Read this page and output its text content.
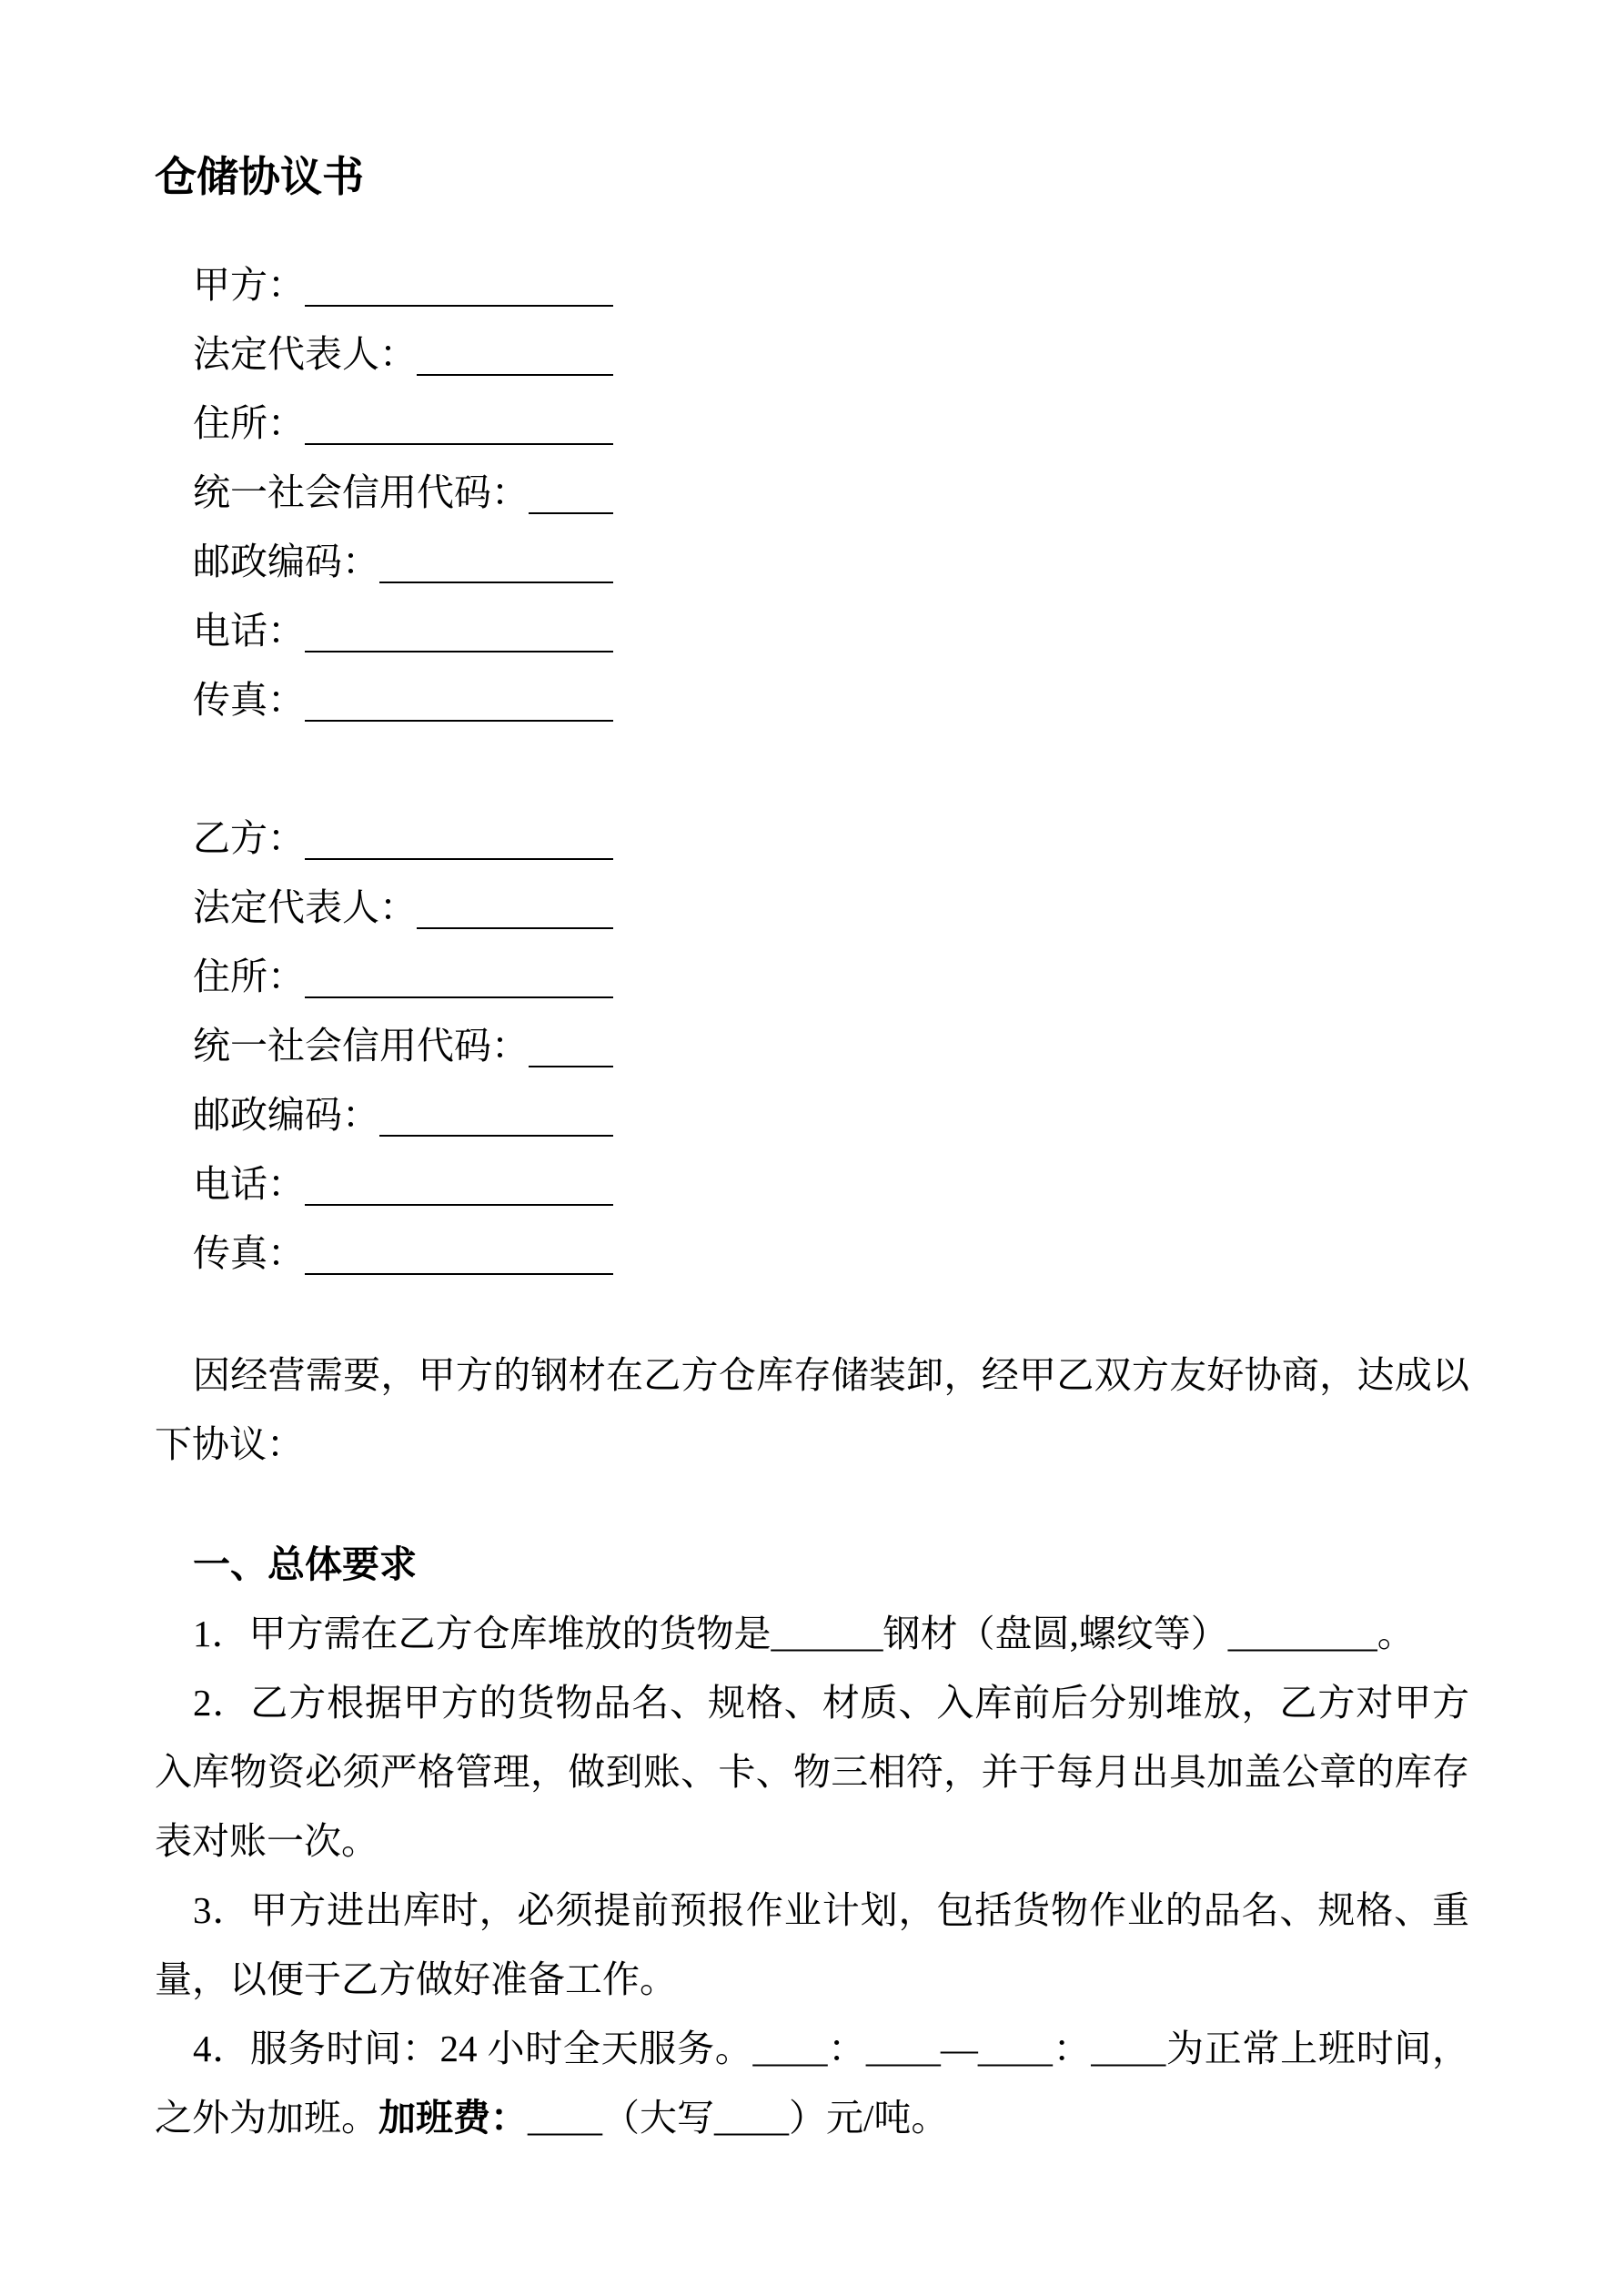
仓储协议书
甲方：
法定代表人：
住所：
统一社会信用代码：
邮政编码：
电话：
传真：
乙方：
法定代表人：
住所：
统一社会信用代码：
邮政编码：
电话：
传真：

因经营需要，甲方的钢材在乙方仓库存储装卸，经甲乙双方友好协商，达成以下协议：

一、总体要求

1．甲方需在乙方仓库堆放的货物是______钢材（盘圆,螺纹等）________。

2．乙方根据甲方的货物品名、规格、材质、入库前后分别堆放，乙方对甲方入库物资必须严格管理，做到账、卡、物三相符，并于每月出具加盖公章的库存表对账一次。

3．甲方进出库时，必须提前预报作业计划，包括货物作业的品名、规格、重量，以便于乙方做好准备工作。

4．服务时间：24 小时全天服务。____：____—____：____为正常上班时间，之外为加班。加班费：____（大写____）元/吨。
